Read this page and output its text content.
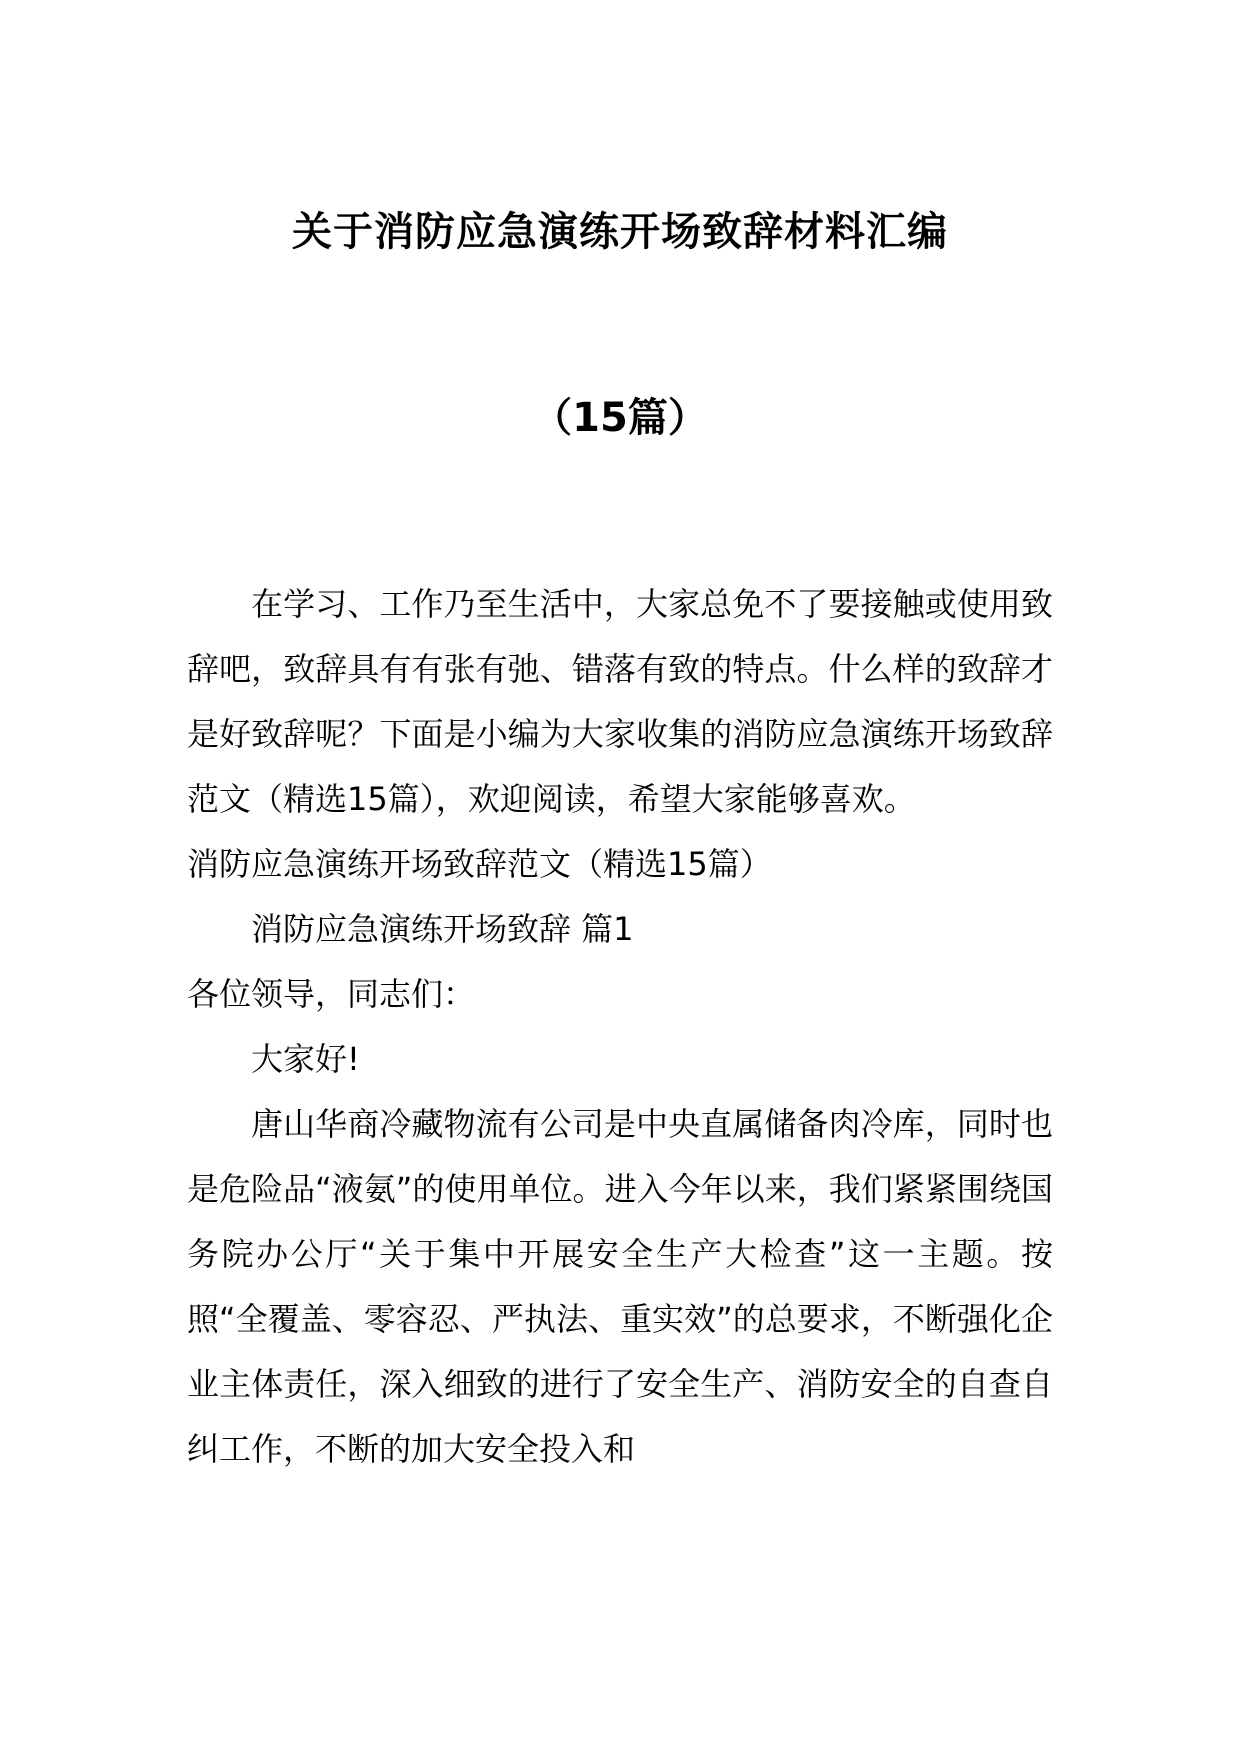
关于消防应急演练开场致辞材料汇编
（15篇）

在学习、工作乃至生活中，大家总免不了要接触或使用致辞吧，致辞具有有张有弛、错落有致的特点。什么样的致辞才是好致辞呢？下面是小编为大家收集的消防应急演练开场致辞范文（精选15篇），欢迎阅读，希望大家能够喜欢。

消防应急演练开场致辞范文（精选15篇）

消防应急演练开场致辞 篇1

各位领导，同志们：

大家好!

唐山华商冷藏物流有公司是中央直属储备肉冷库，同时也是危险品“液氨”的使用单位。进入今年以来，我们紧紧围绕国务院办公厅“关于集中开展安全生产大检查”这一主题。按照“全覆盖、零容忍、严执法、重实效”的总要求，不断强化企业主体责任，深入细致的进行了安全生产、消防安全的自查自纠工作，不断的加大安全投入和
